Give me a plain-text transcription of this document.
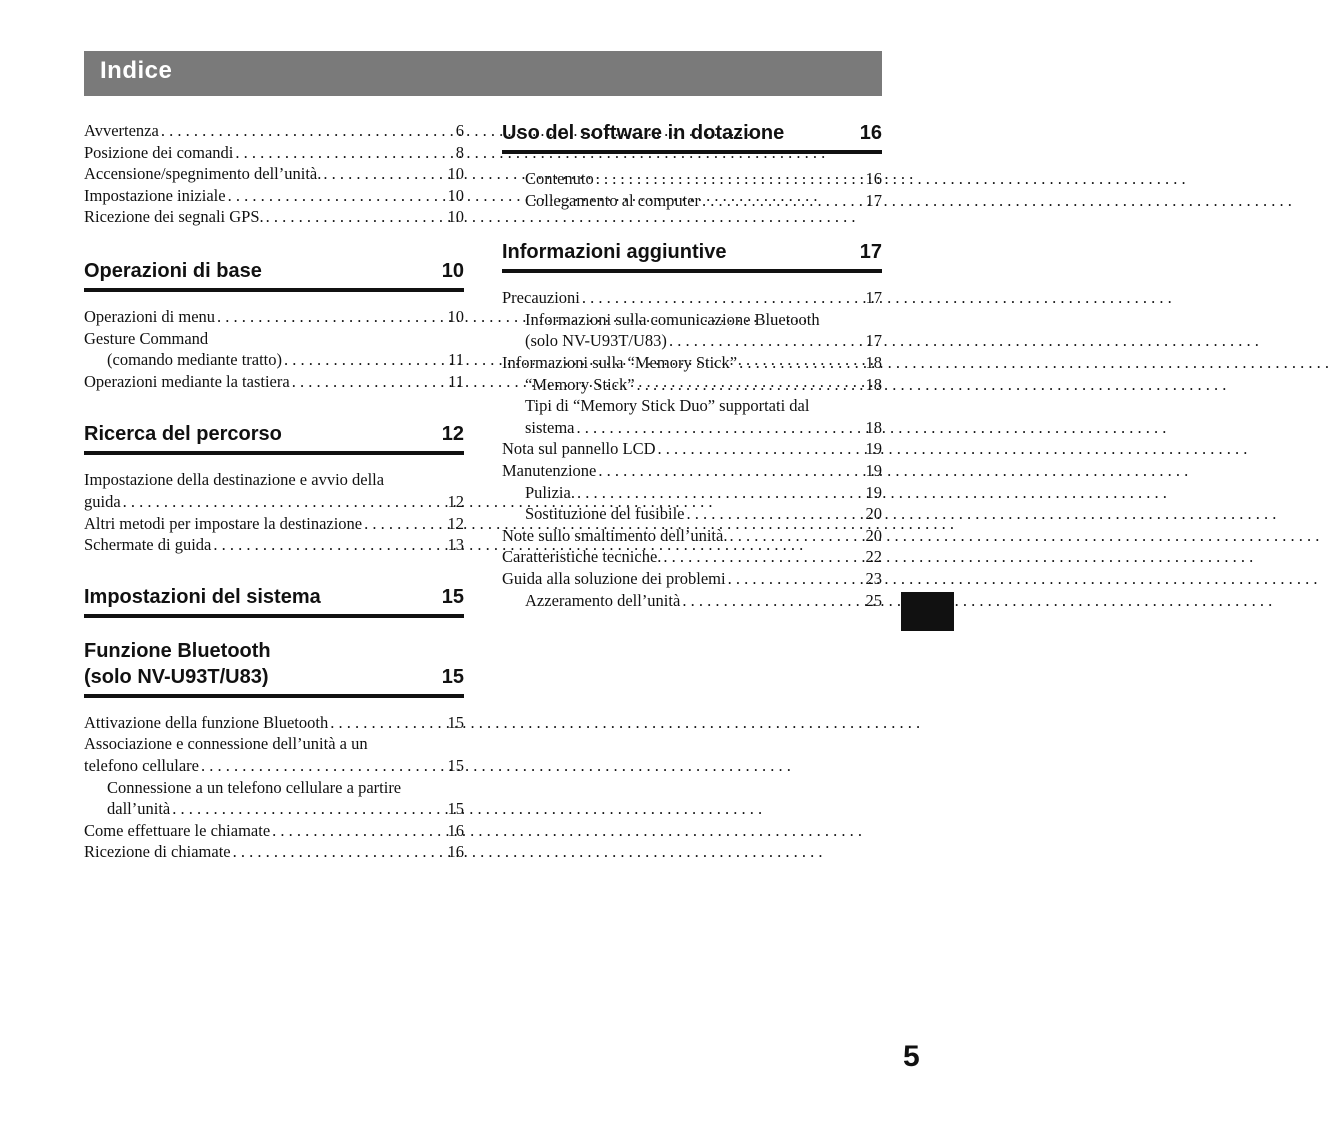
Indice
Avvertenza . . .	6
Posizione dei comandi . . .	8
Accensione/spegnimento dell’unità. . . .	10
Impostazione iniziale . . .	10
Ricezione dei segnali GPS. . . .	10
Operazioni di base	10
Operazioni di menu . . .	10
Gesture Command
(comando mediante tratto) . . .	11
Operazioni mediante la tastiera . . .	11
Ricerca del percorso	12
Impostazione della destinazione e avvio della
guida . . .	12
Altri metodi per impostare la destinazione . . .	12
Schermate di guida . . .	13
Impostazioni del sistema	15
Funzione Bluetooth
(solo NV-U93T/U83)	15
Attivazione della funzione Bluetooth . . .	15
Associazione e connessione dell’unità a un
telefono cellulare . . .	15
Connessione a un telefono cellulare a partire
dall’unità . . .	15
Come effettuare le chiamate . . .	16
Ricezione di chiamate . . .	16
Uso del software in dotazione	16
Contenuto . . .	16
Collegamento al computer . . .	17
Informazioni aggiuntive	17
Precauzioni . . .	17
Informazioni sulla comunicazione Bluetooth
(solo NV-U93T/U83) . . .	17
Informazioni sulla “Memory Stick” . . .	18
“Memory Stick” . . .	18
Tipi di “Memory Stick Duo” supportati dal
sistema . . .	18
Nota sul pannello LCD . . .	19
Manutenzione . . .	19
Pulizia. . . .	19
Sostituzione del fusibile . . .	20
Note sullo smaltimento dell’unità. . . .	20
Caratteristiche tecniche. . . .	22
Guida alla soluzione dei problemi . . .	23
Azzeramento dell’unità . . .	25
5
